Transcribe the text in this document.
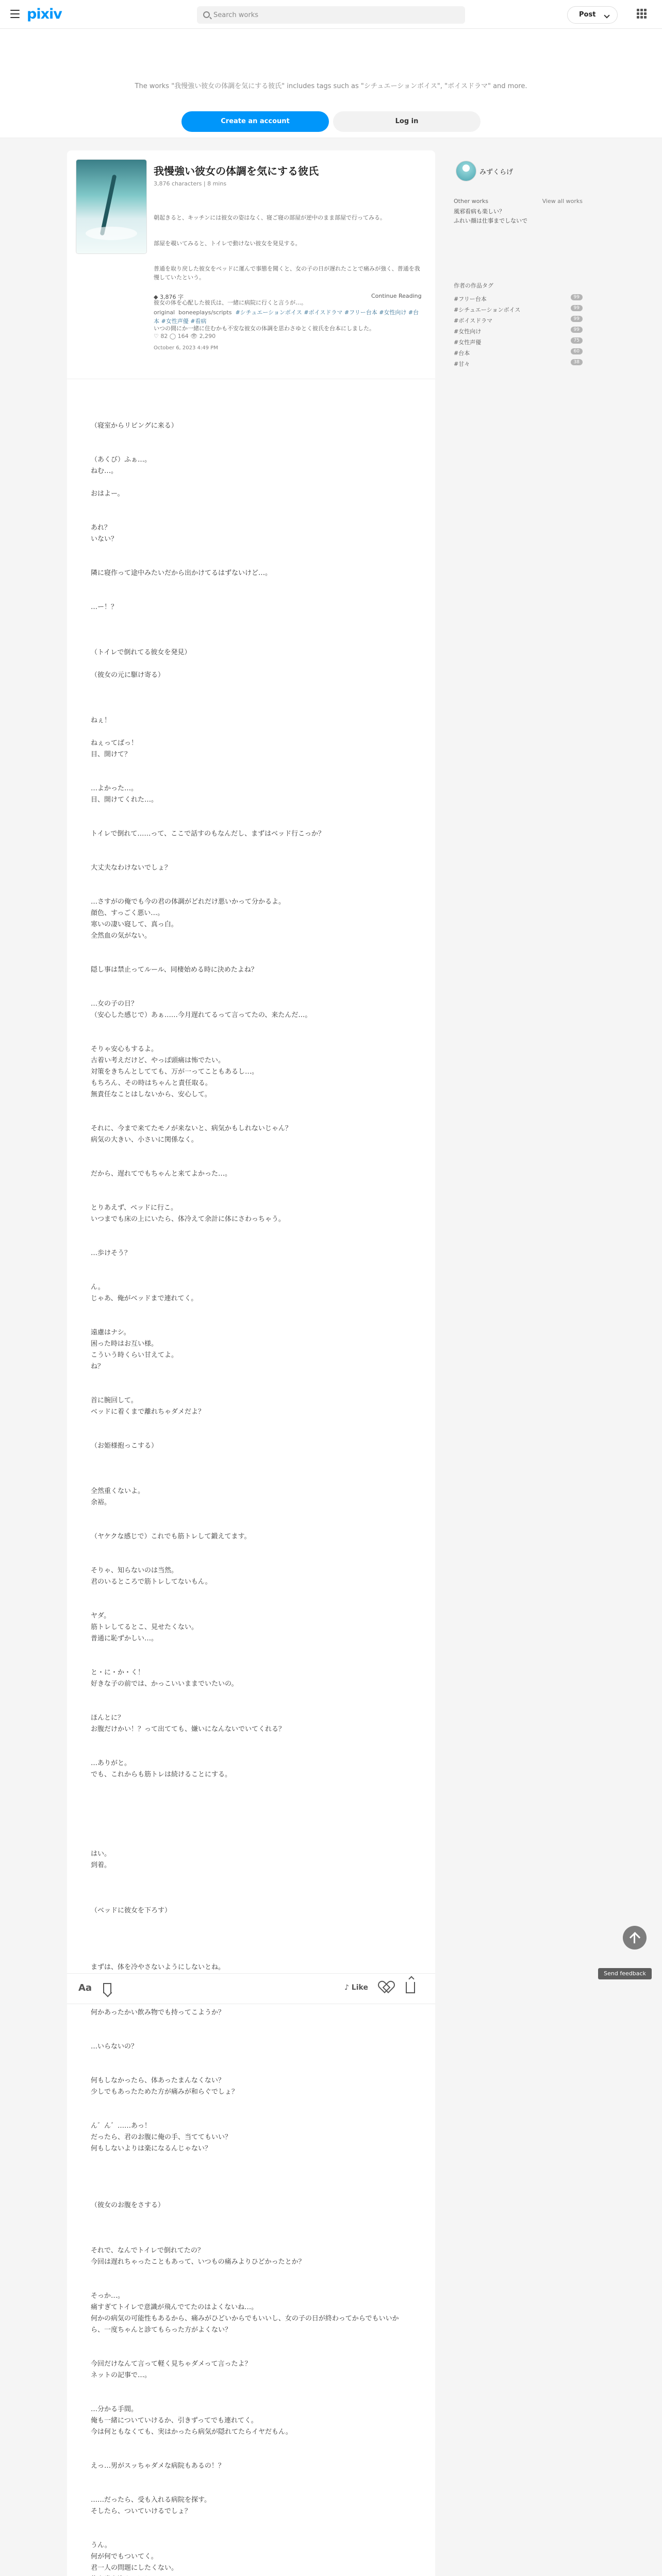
pixiv	Search works	Post
The works "我慢強い彼女の体調を気にする彼氏" includes tags such as "シチュエーションボイス", "ボイスドラマ" and more.
Create an account	Log in
我慢強い彼女の体調を気にする彼氏
3,876 characters | 8 mins

朝起きると、キッチンには彼女の姿はなく、寝ご寝の部屋が逆中のまま部屋で行ってみる。

部屋を覗いてみると、トイレで動けない彼女を発見する。

普通を取り戻した彼女をベッドに運んで事態を聞くと、女の子の日が遅れたことで痛みが強く、普通を我慢していたという。

彼女の体を心配した彼氏は、一緒に病院に行くと言うが…。

いつの間にか一緒に住むかも不安な彼女の体調を思わさゆとく彼氏を台本にしました。

◆ 3,876 字	Continue Reading
original boneeplays/scripts #シチュエーションボイス #ボイスドラマ #フリー台本 #女性向け #台本 #女性声優 #看病
♡ 82 ◯ 164 👁 2,290
October 6, 2023 4:49 PM
（寝室からリビングに来る）
（あくび）ふぁ…。
ねむ…。
おはよー。
あれ？
いない？
隣に寝作って途中みたいだから出かけてるはずないけど…。
…ー！？
（トイレで倒れてる彼女を発見）
（彼女の元に駆け寄る）
ねぇ！
ねぇってばっ！
目、開けて？
…よかった…。
目、開けてくれた…。
トイレで倒れて……って、ここで話すのもなんだし、まずはベッド行こっか？
大丈夫なわけないでしょ？
…さすがの俺でも今の君の体調がどれだけ悪いかって分かるよ。
顔色、すっごく悪い…。
寒いの凄い寝して、真っ白。
全然血の気がない。
隠し事は禁止ってルール、同棲始める時に決めたよね？
…女の子の日？
（安心した感じで）あぁ……今月遅れてるって言ってたの、来たんだ…。
そりゃ安心もするよ。
古着い考えだけど、やっぱ頭痛は怖でたい。
対策をきちんとしてても、万が一ってこともあるし…。
もちろん、その時はちゃんと責任取る。
無責任なことはしないから、安心して。
それに、今まで来てたモノが来ないと、病気かもしれないじゃん？
病気の大きい、小さいに関係なく。
だから、遅れてでもちゃんと来てよかった…。
とりあえず、ベッドに行こ。
いつまでも床の上にいたら、体冷えて余計に体にさわっちゃう。
…歩けそう？
ん。
じゃあ、俺がベッドまで連れてく。
遠慮はナシ。
困った時はお互い様。
こういう時くらい甘えてよ。
ね？
首に腕回して。
ベッドに着くまで離れちゃダメだよ？
（お姫様抱っこする）
全然重くないよ。
余裕。
（ヤケクな感じで）これでも筋トレして鍛えてます。
そりゃ、知らないのは当然。
君のいるところで筋トレしてないもん。
ヤダ。
筋トレしてるとこ、見せたくない。
普通に恥ずかしい…。
と・に・か・く！
好きな子の前では、かっこいいままでいたいの。
ほんとに？
お腹だけかい！？って出てても、嫌いになんないでいてくれる？
…ありがと。
でも、これからも筋トレは続けることにする。
はい。
到着。
（ベッドに彼女を下ろす）
まずは、体を冷やさないようにしないとね。
何かあったかい飲み物でも持ってこようか？
…いらないの？
何もしなかったら、体あったまんなくない？
少しでもあったためた方が痛みが和らぐでしょ？
ん゛ん゛……あっ！
だったら、君のお腹に俺の手、当ててもいい？
何もしないよりは楽になるんじゃない？
（彼女のお腹をさする）
それで、なんでトイレで倒れてたの？
今回は遅れちゃったこともあって、いつもの痛みよりひどかったとか？
そっか…。
痛すぎてトイレで意識が飛んでてたのはよくないね…。
何かの病気の可能性もあるから、痛みがひどいからでもいいし、女の子の日が終わってからでもいいから、一度ちゃんと診てもらった方がよくない？
今回だけなんて言って軽く見ちゃダメって言ったよ？
ネットの記事で…。
…分かる手間。
俺も一緒についていけるか、引きずってでも連れてく。
今は何ともなくても、実はかったら病気が隠れてたらイヤだもん。
えっ…男がスッちゃダメな病院もあるの！？
……だったら、受も入れる病院を探す。
そしたら、ついていけるでしょ？
うん。
何が何でもついてく。
君一人の問題にしたくない。
Aa	♪ Like
みずくらげ
Other works	View all works
風邪看病も楽しい？
ふれい顔は仕事までしないで
作者の作品タグ
#フリー台本	99
#シチュエーションボイス	99
#ボイスドラマ	99
#女性向け	99
#女性声優	75
#台本	60
#甘々	38
Send feedback
